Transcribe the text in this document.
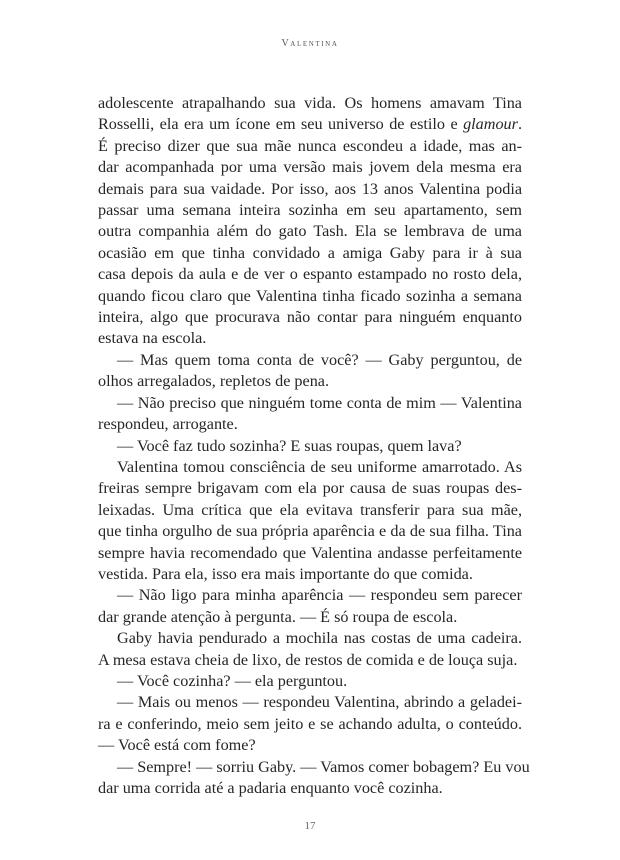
Valentina
adolescente atrapalhando sua vida. Os homens amavam Tina
Rosselli, ela era um ícone em seu universo de estilo e glamour.
É preciso dizer que sua mãe nunca escondeu a idade, mas an-
dar acompanhada por uma versão mais jovem dela mesma era
demais para sua vaidade. Por isso, aos 13 anos Valentina podia
passar uma semana inteira sozinha em seu apartamento, sem
outra companhia além do gato Tash. Ela se lembrava de uma
ocasião em que tinha convidado a amiga Gaby para ir à sua
casa depois da aula e de ver o espanto estampado no rosto dela,
quando ficou claro que Valentina tinha ficado sozinha a semana
inteira, algo que procurava não contar para ninguém enquanto
estava na escola.
— Mas quem toma conta de você? — Gaby perguntou, de
olhos arregalados, repletos de pena.
— Não preciso que ninguém tome conta de mim — Valentina
respondeu, arrogante.
— Você faz tudo sozinha? E suas roupas, quem lava?
Valentina tomou consciência de seu uniforme amarrotado. As
freiras sempre brigavam com ela por causa de suas roupas des-
leixadas. Uma crítica que ela evitava transferir para sua mãe,
que tinha orgulho de sua própria aparência e da de sua filha. Tina
sempre havia recomendado que Valentina andasse perfeitamente
vestida. Para ela, isso era mais importante do que comida.
— Não ligo para minha aparência — respondeu sem parecer
dar grande atenção à pergunta. — É só roupa de escola.
Gaby havia pendurado a mochila nas costas de uma cadeira.
A mesa estava cheia de lixo, de restos de comida e de louça suja.
— Você cozinha? — ela perguntou.
— Mais ou menos — respondeu Valentina, abrindo a geladei-
ra e conferindo, meio sem jeito e se achando adulta, o conteúdo.
— Você está com fome?
— Sempre! — sorriu Gaby. — Vamos comer bobagem? Eu vou
dar uma corrida até a padaria enquanto você cozinha.
17
